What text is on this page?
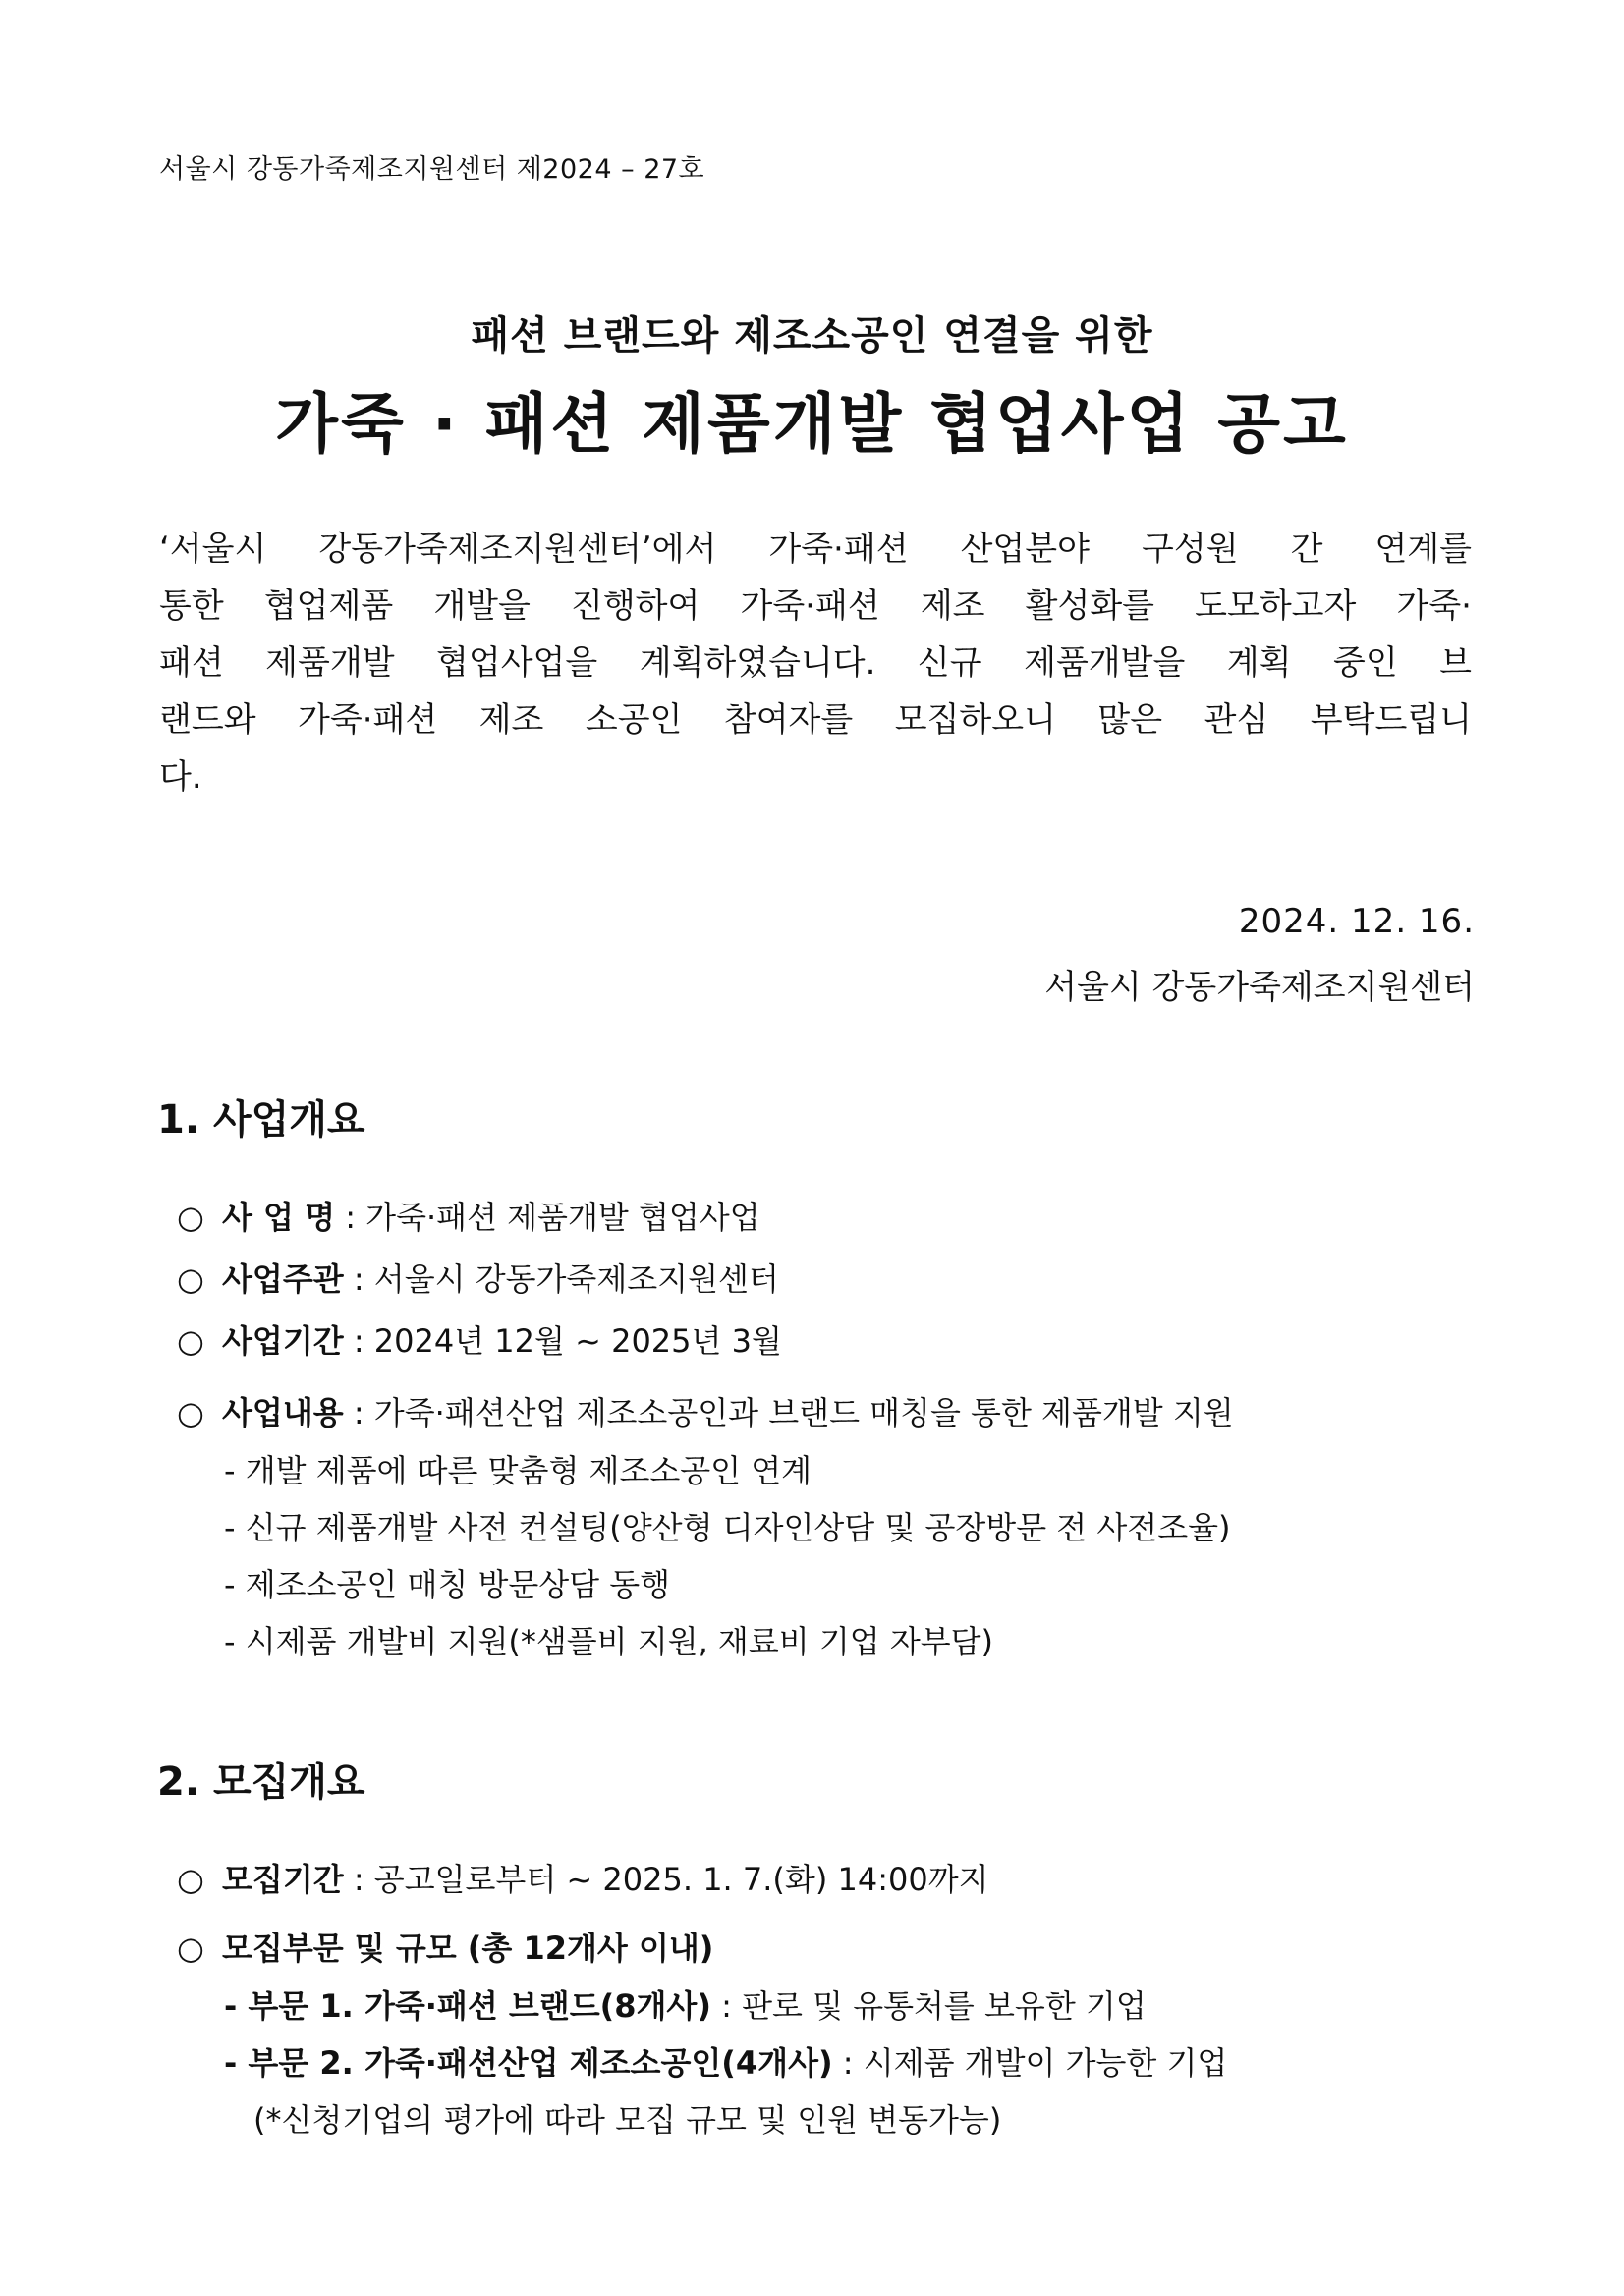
서울시 강동가죽제조지원센터 제2024 – 27호
패션 브랜드와 제조소공인 연결을 위한
가죽 · 패션 제품개발 협업사업 공고

‘서울시 강동가죽제조지원센터’에서 가죽·패션 산업분야 구성원 간 연계를

통한 협업제품 개발을 진행하여 가죽·패션 제조 활성화를 도모하고자 가죽·

패션 제품개발 협업사업을 계획하였습니다. 신규 제품개발을 계획 중인 브

랜드와 가죽·패션 제조 소공인 참여자를 모집하오니 많은 관심 부탁드립니

다.

2024. 12. 16.
서울시 강동가죽제조지원센터
1. 사업개요
○ 사 업 명 : 가죽·패션 제품개발 협업사업
○ 사업주관 : 서울시 강동가죽제조지원센터
○ 사업기간 : 2024년 12월 ~ 2025년 3월
○ 사업내용 : 가죽·패션산업 제조소공인과 브랜드 매칭을 통한 제품개발 지원
- 개발 제품에 따른 맞춤형 제조소공인 연계
- 신규 제품개발 사전 컨설팅(양산형 디자인상담 및 공장방문 전 사전조율)
- 제조소공인 매칭 방문상담 동행
- 시제품 개발비 지원(*샘플비 지원, 재료비 기업 자부담)
2. 모집개요
○ 모집기간 : 공고일로부터 ~ 2025. 1. 7.(화) 14:00까지
○ 모집부문 및 규모 (총 12개사 이내)
- 부문 1. 가죽·패션 브랜드(8개사) : 판로 및 유통처를 보유한 기업
- 부문 2. 가죽·패션산업 제조소공인(4개사) : 시제품 개발이 가능한 기업
(*신청기업의 평가에 따라 모집 규모 및 인원 변동가능)
